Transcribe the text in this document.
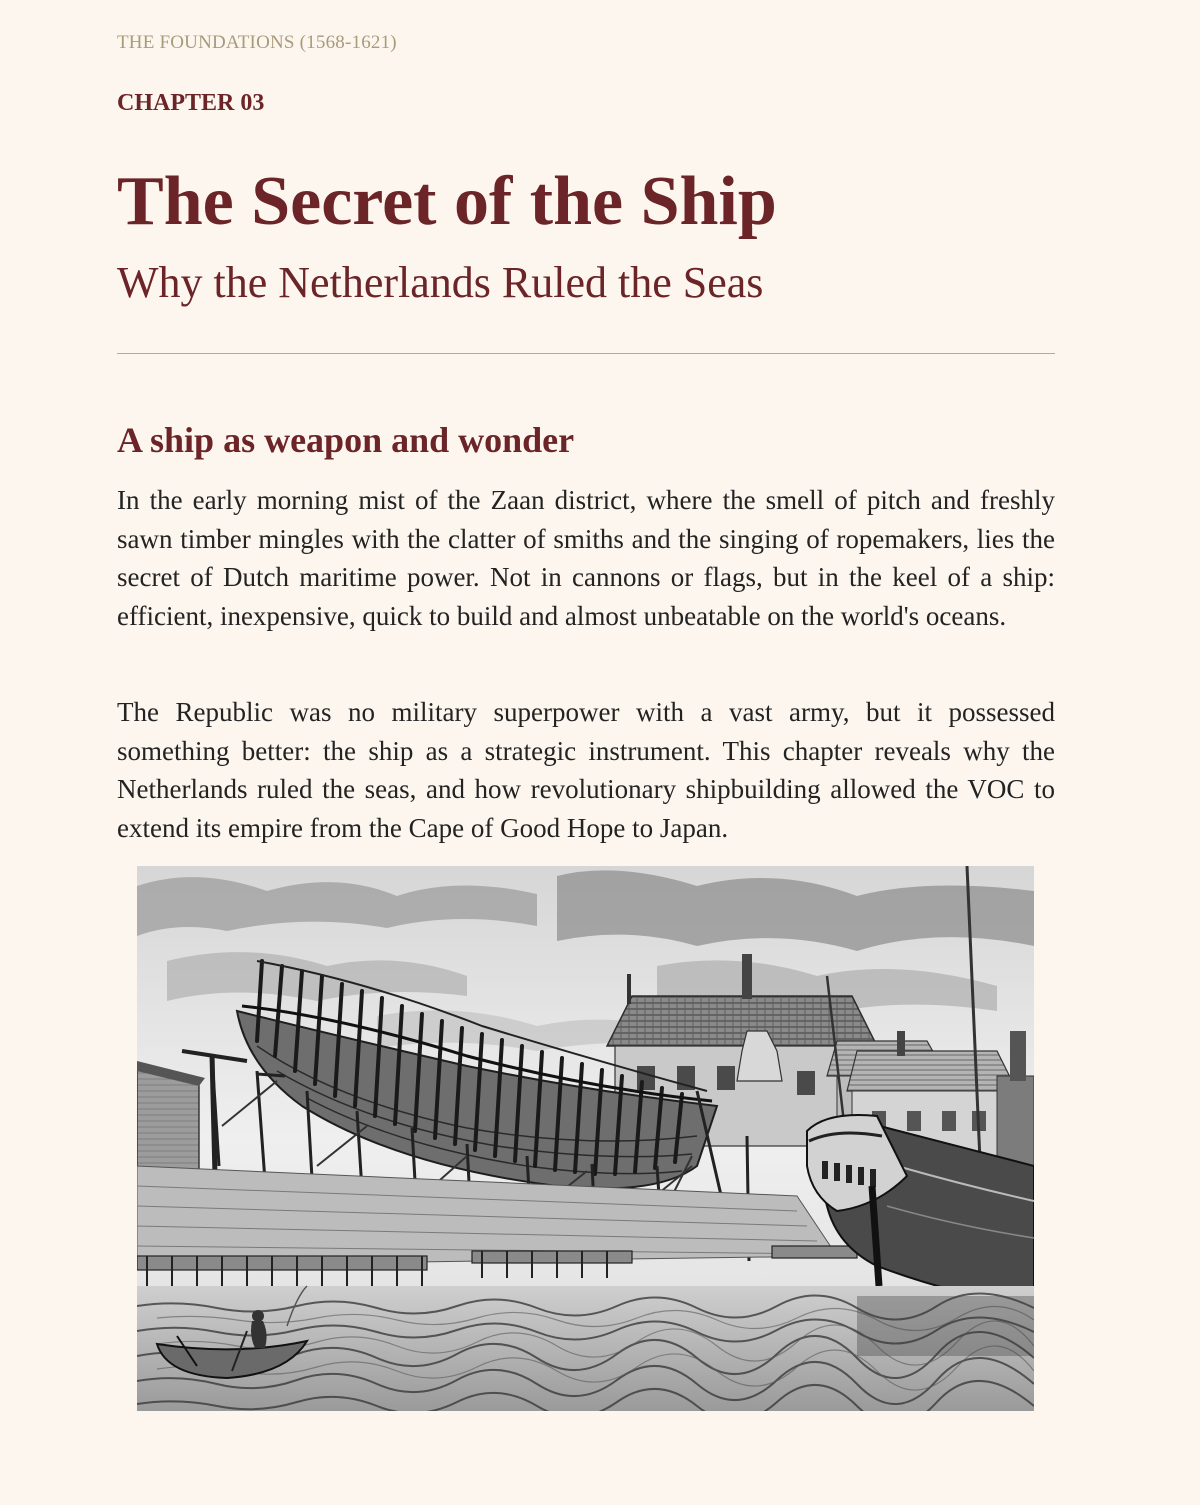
THE FOUNDATIONS (1568-1621)
CHAPTER 03
The Secret of the Ship
Why the Netherlands Ruled the Seas
A ship as weapon and wonder

In the early morning mist of the Zaan district, where the smell of pitch and freshly sawn timber mingles with the clatter of smiths and the singing of ropemakers, lies the secret of Dutch maritime power. Not in cannons or flags, but in the keel of a ship: efficient, inexpensive, quick to build and almost unbeatable on the world's oceans.

The Republic was no military superpower with a vast army, but it possessed something better: the ship as a strategic instrument. This chapter reveals why the Netherlands ruled the seas, and how revolutionary shipbuilding allowed the VOC to extend its empire from the Cape of Good Hope to Japan.
